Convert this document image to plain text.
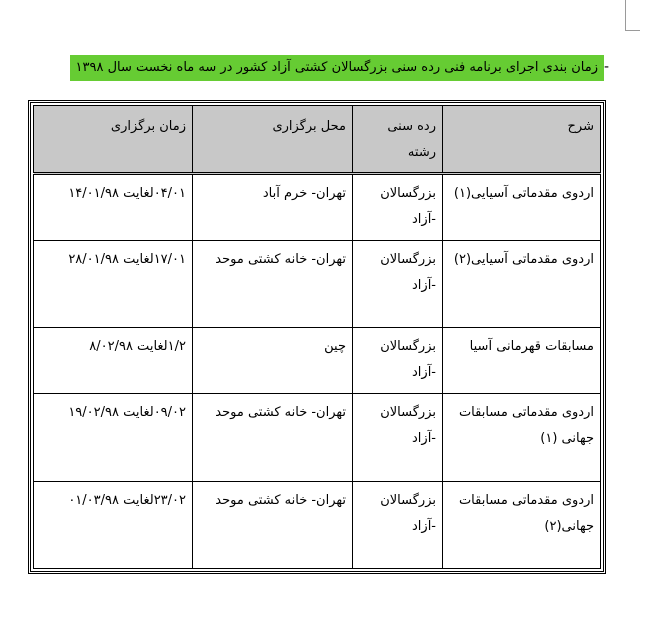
-
زمان بندی اجرای برنامه فنی رده سنی بزرگسالان کشتی آزاد کشور در سه ماه نخست سال ۱۳۹۸
شرح	رده سنی رشته	محل برگزاری	زمان برگزاری
اردوی مقدماتی آسیایی(۱)	بزرگسالان -آزاد	تهران- خرم آباد	۰۴/۰۱لغایت ۱۴/۰۱/۹۸
اردوی مقدماتی آسیایی(۲)	بزرگسالان -آزاد	تهران- خانه کشتی موحد	۱۷/۰۱لغایت ۲۸/۰۱/۹۸
مسابقات قهرمانی آسیا	بزرگسالان -آزاد	چین	۱/۲لغایت ۸/۰۲/۹۸
اردوی مقدماتی مسابقات جهانی (۱)	بزرگسالان -آزاد	تهران- خانه کشتی موحد	۰۹/۰۲لغایت ۱۹/۰۲/۹۸
اردوی مقدماتی مسابقات جهانی(۲)	بزرگسالان -آزاد	تهران- خانه کشتی موحد	۲۳/۰۲لغایت ۰۱/۰۳/۹۸
